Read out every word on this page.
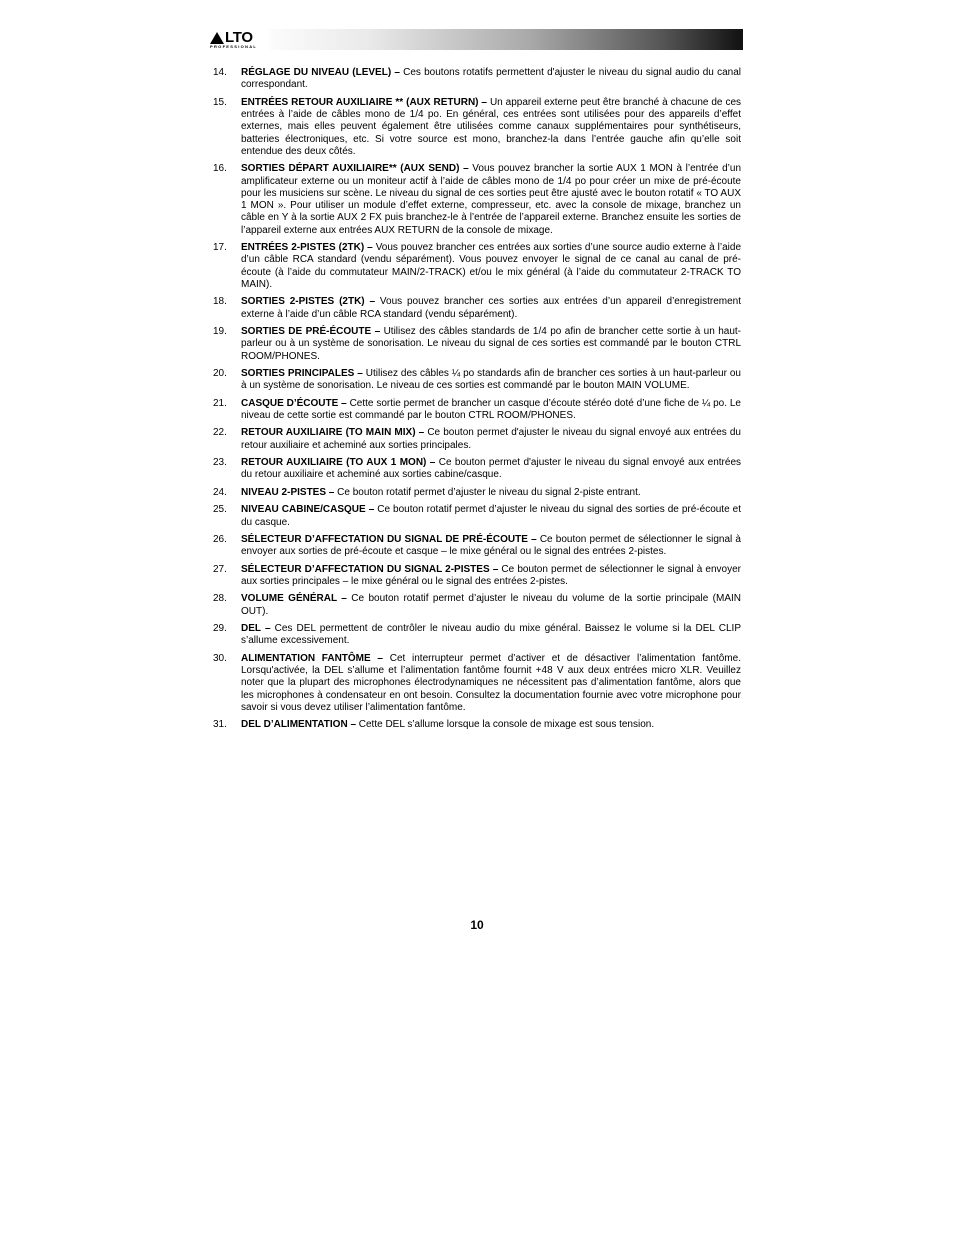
LTO
PROFESSIONAL
14.	RÉGLAGE DU NIVEAU (LEVEL) – Ces boutons rotatifs permettent d'ajuster le niveau du signal audio du canal correspondant.
15.	ENTRÉES RETOUR AUXILIAIRE ** (AUX RETURN) – Un appareil externe peut être branché à chacune de ces entrées à l’aide de câbles mono de 1/4 po. En général, ces entrées sont utilisées pour des appareils d’effet externes, mais elles peuvent également être utilisées comme canaux supplémentaires pour synthétiseurs, batteries électroniques, etc. Si votre source est mono, branchez-la dans l’entrée gauche afin qu’elle soit entendue des deux côtés.
16.	SORTIES DÉPART AUXILIAIRE** (AUX SEND) – Vous pouvez brancher la sortie AUX 1 MON à l’entrée d’un amplificateur externe ou un moniteur actif à l’aide de câbles mono de 1/4 po pour créer un mixe de pré-écoute pour les musiciens sur scène. Le niveau du signal de ces sorties peut être ajusté avec le bouton rotatif « TO AUX 1 MON ». Pour utiliser un module d’effet externe, compresseur, etc. avec la console de mixage, branchez un câble en Y à la sortie AUX 2 FX puis branchez-le à l’entrée de l’appareil externe. Branchez ensuite les sorties de l’appareil externe aux entrées AUX RETURN de la console de mixage.
17.	ENTRÉES 2-PISTES (2TK) – Vous pouvez brancher ces entrées aux sorties d’une source audio externe à l’aide d’un câble RCA standard (vendu séparément). Vous pouvez envoyer le signal de ce canal au canal de pré-écoute (à l’aide du commutateur MAIN/2-TRACK) et/ou le mix général (à l’aide du commutateur 2-TRACK TO MAIN).
18.	SORTIES 2-PISTES (2TK) – Vous pouvez brancher ces sorties aux entrées d’un appareil d’enregistrement externe à l’aide d’un câble RCA standard (vendu séparément).
19.	SORTIES DE PRÉ-ÉCOUTE – Utilisez des câbles standards de 1/4 po afin de brancher cette sortie à un haut-parleur ou à un système de sonorisation. Le niveau du signal de ces sorties est commandé par le bouton CTRL ROOM/PHONES.
20.	SORTIES PRINCIPALES – Utilisez des câbles ¼ po standards afin de brancher ces sorties à un haut-parleur ou à un système de sonorisation. Le niveau de ces sorties est commandé par le bouton MAIN VOLUME.
21.	CASQUE D’ÉCOUTE – Cette sortie permet de brancher un casque d’écoute stéréo doté d’une fiche de ¼ po. Le niveau de cette sortie est commandé par le bouton CTRL ROOM/PHONES.
22.	RETOUR AUXILIAIRE (TO MAIN MIX) – Ce bouton permet d'ajuster le niveau du signal envoyé aux entrées du retour auxiliaire et acheminé aux sorties principales.
23.	RETOUR AUXILIAIRE (TO AUX 1 MON) – Ce bouton permet d'ajuster le niveau du signal envoyé aux entrées du retour auxiliaire et acheminé aux sorties cabine/casque.
24.	NIVEAU 2-PISTES – Ce bouton rotatif permet d’ajuster le niveau du signal 2-piste entrant.
25.	NIVEAU CABINE/CASQUE – Ce bouton rotatif permet d’ajuster le niveau du signal des sorties de pré-écoute et du casque.
26.	SÉLECTEUR D’AFFECTATION DU SIGNAL DE PRÉ-ÉCOUTE – Ce bouton permet de sélectionner le signal à envoyer aux sorties de pré-écoute et casque – le mixe général ou le signal des entrées 2-pistes.
27.	SÉLECTEUR D’AFFECTATION DU SIGNAL 2-PISTES – Ce bouton permet de sélectionner le signal à envoyer aux sorties principales – le mixe général ou le signal des entrées 2-pistes.
28.	VOLUME GÉNÉRAL – Ce bouton rotatif permet d’ajuster le niveau du volume de la sortie principale (MAIN OUT).
29.	DEL – Ces DEL permettent de contrôler le niveau audio du mixe général. Baissez le volume si la DEL CLIP s’allume excessivement.
30.	ALIMENTATION FANTÔME – Cet interrupteur permet d’activer et de désactiver l’alimentation fantôme. Lorsqu'activée, la DEL s’allume et l’alimentation fantôme fournit +48 V aux deux entrées micro XLR. Veuillez noter que la plupart des microphones électrodynamiques ne nécessitent pas d’alimentation fantôme, alors que les microphones à condensateur en ont besoin. Consultez la documentation fournie avec votre microphone pour savoir si vous devez utiliser l’alimentation fantôme.
31.	DEL D’ALIMENTATION – Cette DEL s’allume lorsque la console de mixage est sous tension.
10
